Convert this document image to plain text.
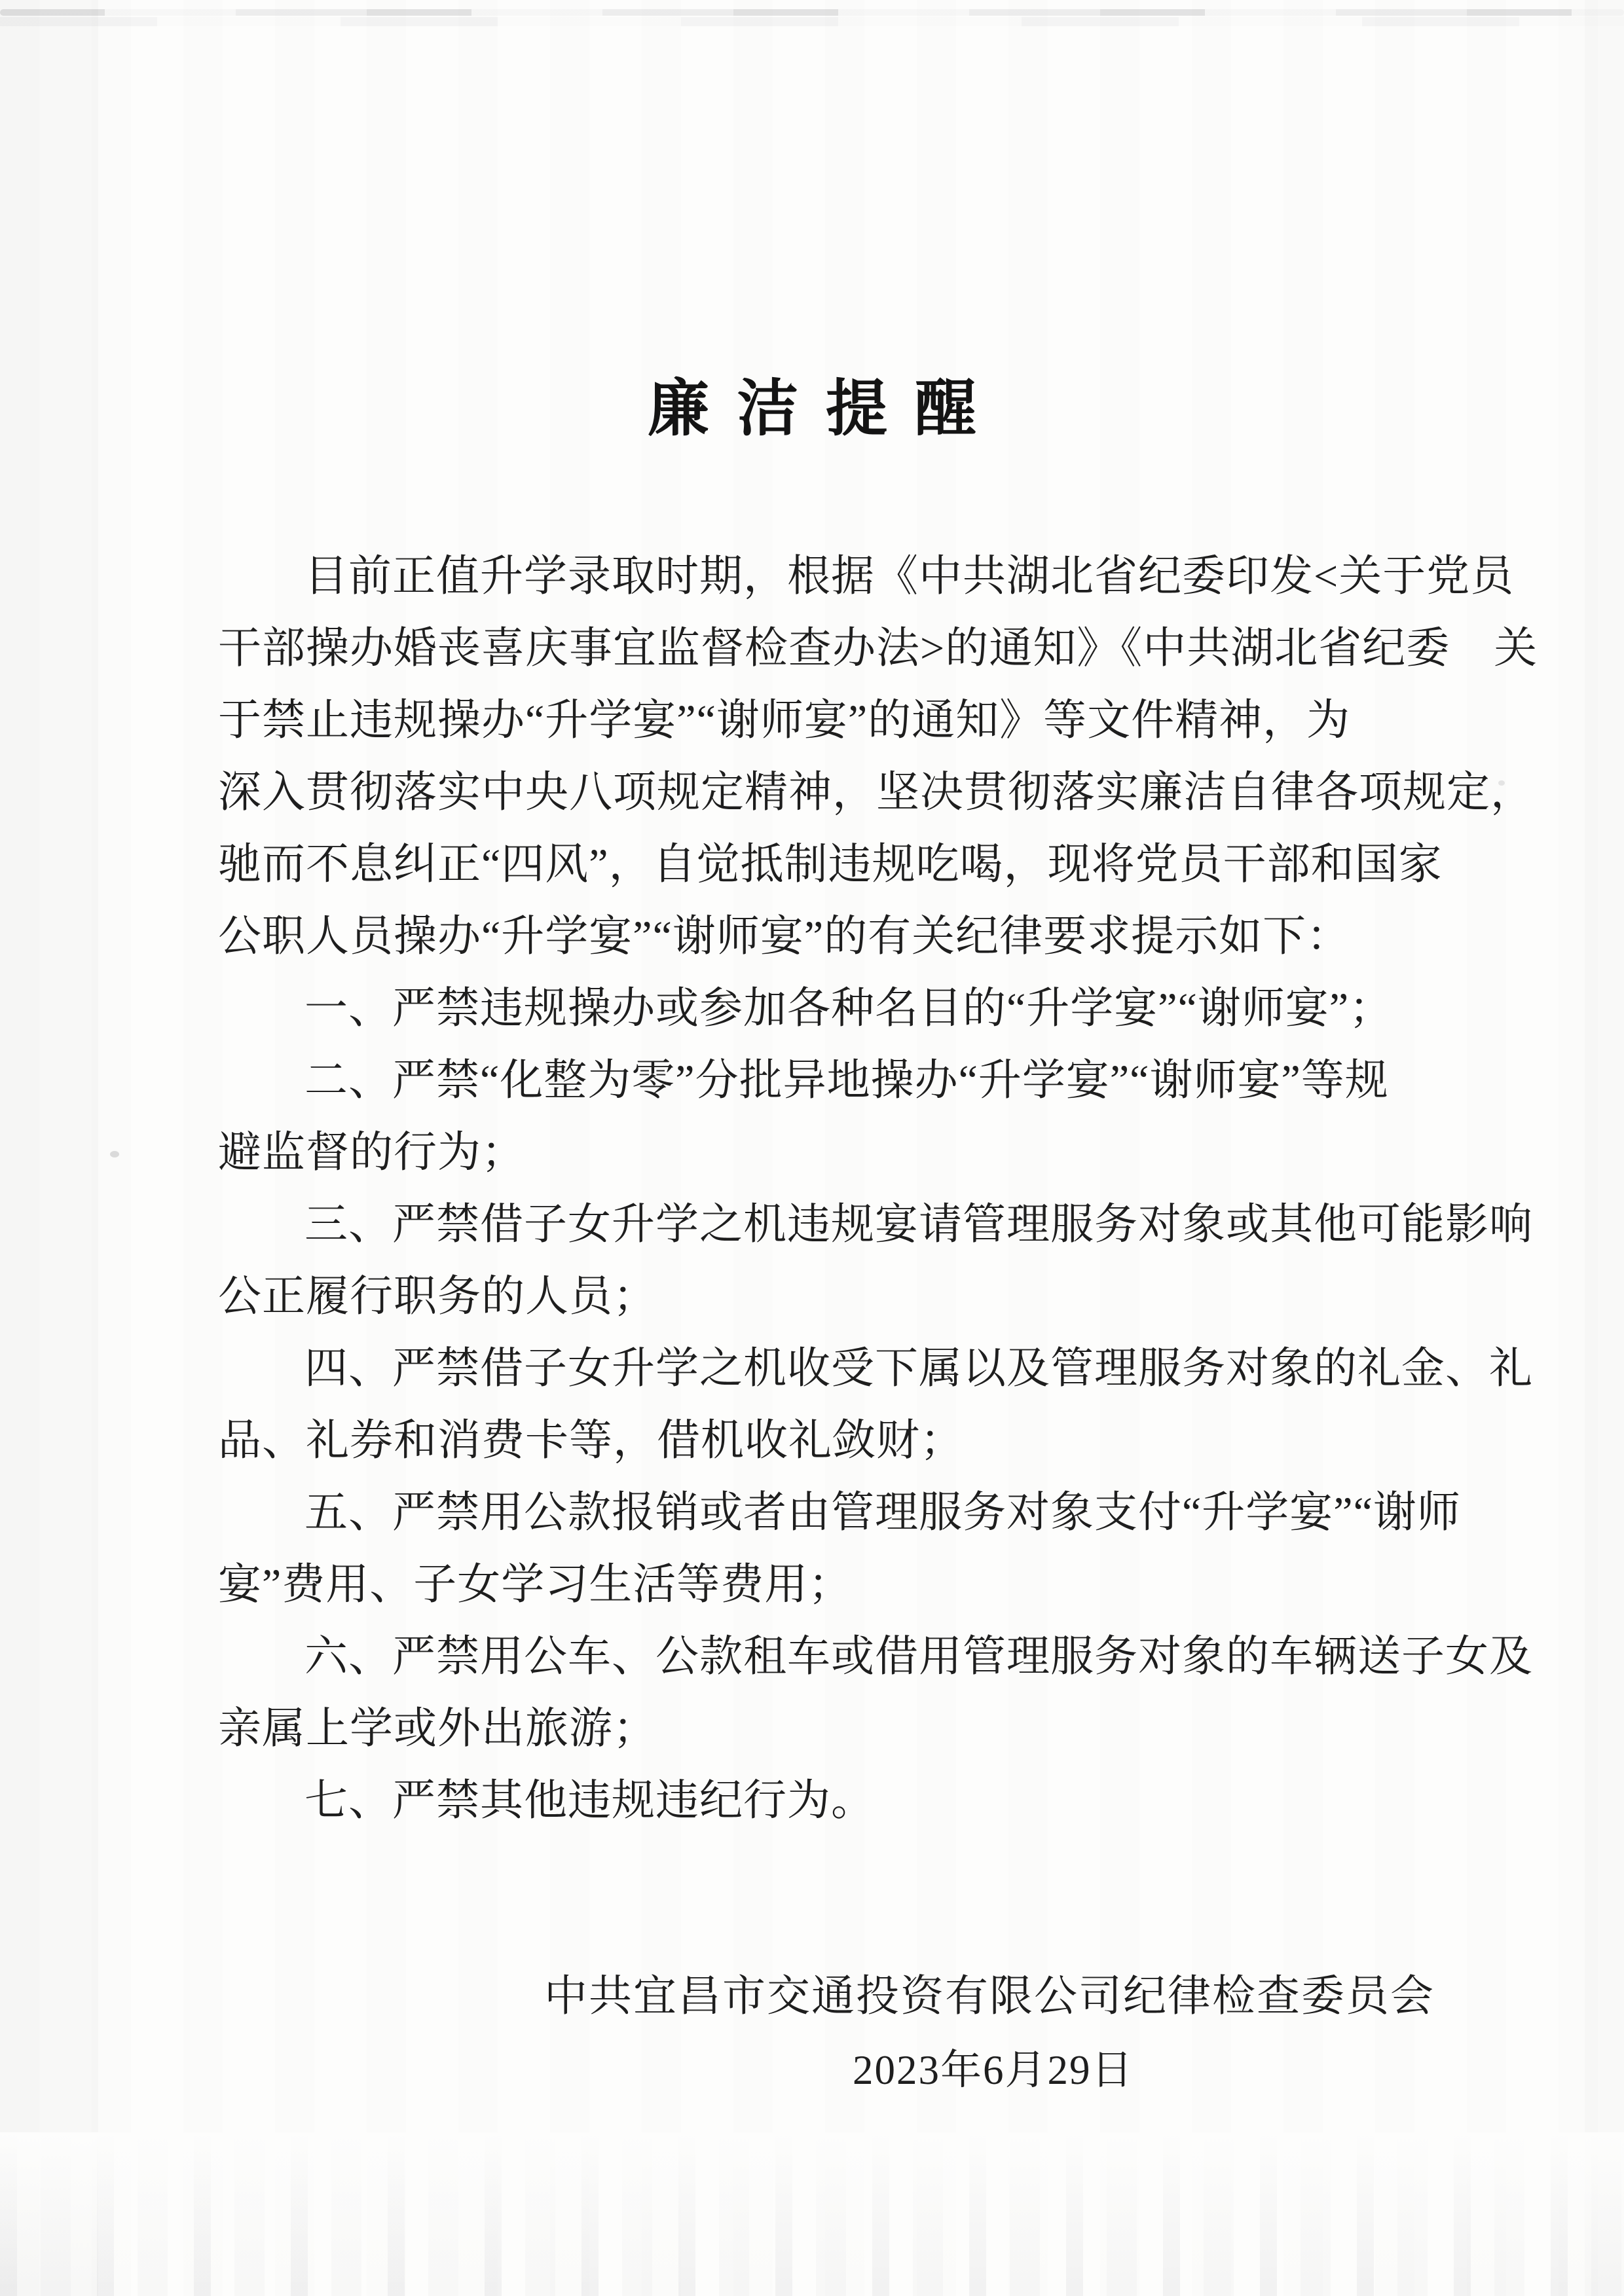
廉洁提醒

目前正值升学录取时期，根据《中共湖北省纪委印发<关于党员

干部操办婚丧喜庆事宜监督检查办法>的通知》《中共湖北省纪委　关

于禁止违规操办“升学宴”“谢师宴”的通知》等文件精神，为

深入贯彻落实中央八项规定精神，坚决贯彻落实廉洁自律各项规定，

驰而不息纠正“四风”，自觉抵制违规吃喝，现将党员干部和国家

公职人员操办“升学宴”“谢师宴”的有关纪律要求提示如下：

一、严禁违规操办或参加各种名目的“升学宴”“谢师宴”；

二、严禁“化整为零”分批异地操办“升学宴”“谢师宴”等规

避监督的行为；

三、严禁借子女升学之机违规宴请管理服务对象或其他可能影响

公正履行职务的人员；

四、严禁借子女升学之机收受下属以及管理服务对象的礼金、礼

品、礼券和消费卡等，借机收礼敛财；

五、严禁用公款报销或者由管理服务对象支付“升学宴”“谢师

宴”费用、子女学习生活等费用；

六、严禁用公车、公款租车或借用管理服务对象的车辆送子女及

亲属上学或外出旅游；

七、严禁其他违规违纪行为。

中共宜昌市交通投资有限公司纪律检查委员会

2023年6月29日
